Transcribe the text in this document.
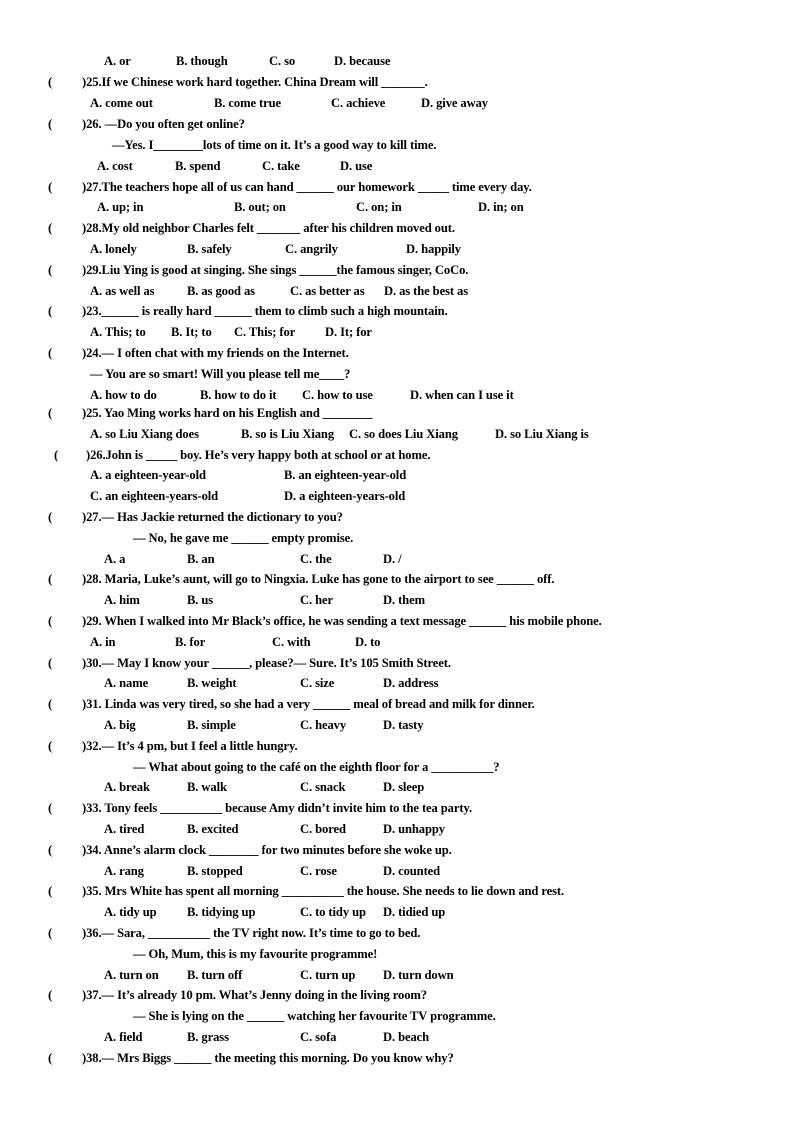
A. or	B. though	C. so	D. because
( )25.If we Chinese work hard together. China Dream will _______.
A. come out	B. come true	C. achieve	D. give away
( )26. —Do you often get online?
—Yes. I________lots of time on it. It’s a good way to kill time.
A. cost	B. spend	C. take	D. use
( )27.The teachers hope all of us can hand ______ our homework _____ time every day.
A. up; in	B. out; on	C. on; in	D. in; on
( )28.My old neighbor Charles felt _______ after his children moved out.
A. lonely	B. safely	C. angrily	D. happily
( )29.Liu Ying is good at singing. She sings ______the famous singer, CoCo.
A. as well as	B. as good as	C. as better as D. as the best as
( )23.______ is really hard ______ them to climb such a high mountain.
A. This; to B. It; to C. This; for D. It; for
( )24.— I often chat with my friends on the Internet.
— You are so smart! Will you please tell me____?
A. how to do	B. how to do it C. how to use	D. when can I use it
( )25. Yao Ming works hard on his English and ________
A. so Liu Xiang does	B. so is Liu Xiang C. so does Liu Xiang	D. so Liu Xiang is
( )26.John is _____ boy. He’s very happy both at school or at home.
A. a eighteen-year-old	B. an eighteen-year-old
C. an eighteen-years-old	D. a eighteen-years-old
( )27.— Has Jackie returned the dictionary to you?
— No, he gave me ______ empty promise.
A. a	B. an	C. the	D. /
( )28. Maria, Luke’s aunt, will go to Ningxia. Luke has gone to the airport to see ______ off.
A. him	B. us	C. her	D. them
( )29. When I walked into Mr Black’s office, he was sending a text message ______ his mobile phone.
A. in	B. for	C. with	D. to
( )30.— May I know your ______, please?— Sure. It’s 105 Smith Street.
A. name	B. weight	C. size	D. address
( )31. Linda was very tired, so she had a very ______ meal of bread and milk for dinner.
A. big	B. simple	C. heavy	D. tasty
( )32.— It’s 4 pm, but I feel a little hungry.
— What about going to the café on the eighth floor for a __________?
A. break	B. walk	C. snack	D. sleep
( )33. Tony feels __________ because Amy didn’t invite him to the tea party.
A. tired	B. excited	C. bored	D. unhappy
( )34. Anne’s alarm clock ________ for two minutes before she woke up.
A. rang	B. stopped	C. rose	D. counted
( )35. Mrs White has spent all morning __________ the house. She needs to lie down and rest.
A. tidy up B. tidying up	C. to tidy up D. tidied up
( )36.— Sara, __________ the TV right now. It’s time to go to bed.
— Oh, Mum, this is my favourite programme!
A. turn on B. turn off	C. turn up D. turn down
( )37.— It’s already 10 pm. What’s Jenny doing in the living room?
— She is lying on the ______ watching her favourite TV programme.
A. field	B. grass	C. sofa	D. beach
( )38.— Mrs Biggs ______ the meeting this morning. Do you know why?
